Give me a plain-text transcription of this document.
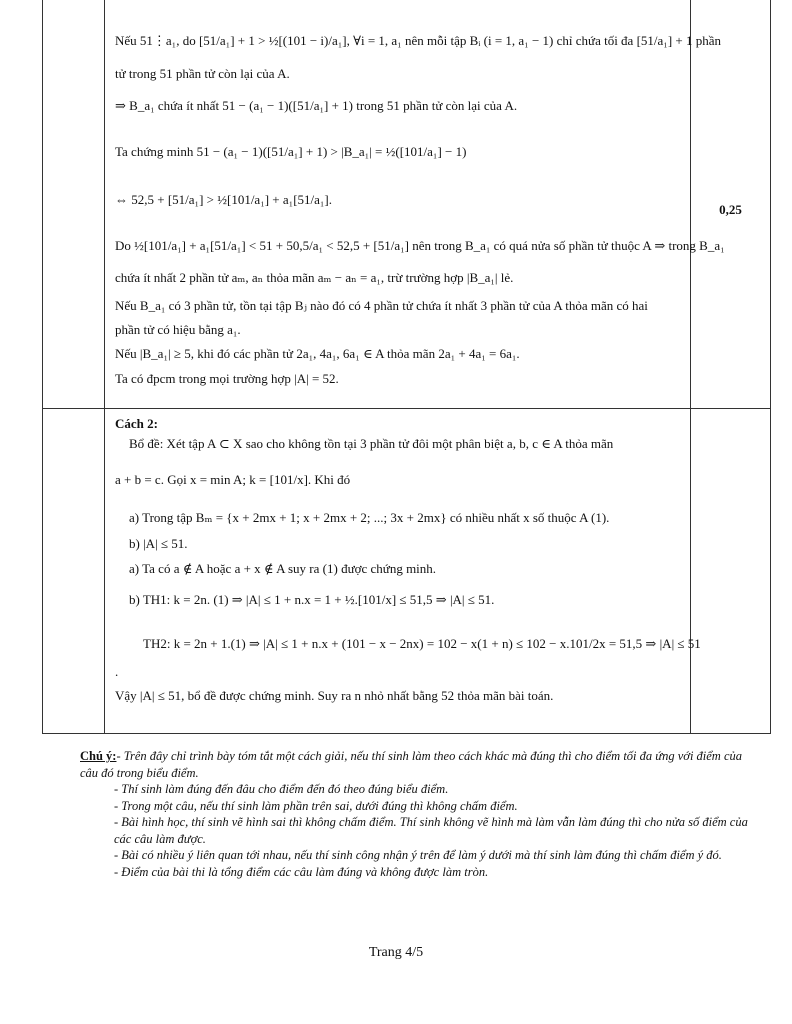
Nếu 51⋮a₁, do [51/a₁] + 1 > ½[(101 − i)/a₁], ∀i = 1, a₁ nên mỗi tập Bᵢ (i = 1, a₁ − 1) chỉ chứa tối đa [51/a₁] + 1 phần
tử trong 51 phần tử còn lại của A.
⇒ B_a₁ chứa ít nhất 51 − (a₁ − 1)([51/a₁] + 1) trong 51 phần tử còn lại của A.
Ta chứng minh 51 − (a₁ − 1)([51/a₁] + 1) > |B_a₁| = ½([101/a₁] − 1)
⇔ 52,5 + [51/a₁] > ½[101/a₁] + a₁[51/a₁].
Do ½[101/a₁] + a₁[51/a₁] < 51 + 50,5/a₁ < 52,5 + [51/a₁] nên trong B_a₁ có quá nửa số phần tử thuộc A ⇒ trong B_a₁
chứa ít nhất 2 phần tử aₘ, aₙ thỏa mãn aₘ − aₙ = a₁, trừ trường hợp |B_a₁| lẻ.
Nếu B_a₁ có 3 phần tử, tồn tại tập Bⱼ nào đó có 4 phần tử chứa ít nhất 3 phần tử của A thỏa mãn có hai
phần tử có hiệu bằng a₁.
Nếu |B_a₁| ≥ 5, khi đó các phần tử 2a₁, 4a₁, 6a₁ ∈ A thỏa mãn 2a₁ + 4a₁ = 6a₁.
Ta có đpcm trong mọi trường hợp |A| = 52.
0,25
Cách 2:
Bổ đề: Xét tập A ⊂ X sao cho không tồn tại 3 phần tử đôi một phân biệt a, b, c ∈ A thỏa mãn
a + b = c. Gọi x = min A; k = [101/x]. Khi đó
a) Trong tập Bₘ = {x + 2mx + 1; x + 2mx + 2; ...; 3x + 2mx} có nhiều nhất x số thuộc A (1).
b) |A| ≤ 51.
a) Ta có a ∉ A hoặc a + x ∉ A suy ra (1) được chứng minh.
b) TH1: k = 2n. (1) ⇒ |A| ≤ 1 + n.x = 1 + ½.[101/x] ≤ 51,5 ⇒ |A| ≤ 51.
TH2: k = 2n + 1.(1) ⇒ |A| ≤ 1 + n.x + (101 − x − 2nx) = 102 − x(1 + n) ≤ 102 − x.101/2x = 51,5 ⇒ |A| ≤ 51
.
Vậy |A| ≤ 51, bổ đề được chứng minh. Suy ra n nhỏ nhất bằng 52 thỏa mãn bài toán.

Chú ý:- Trên đây chỉ trình bày tóm tắt một cách giải, nếu thí sinh làm theo cách khác mà đúng thì cho điểm tối đa ứng với điểm của câu đó trong biểu điểm.

- Thí sinh làm đúng đến đâu cho điểm đến đó theo đúng biểu điểm.

- Trong một câu, nếu thí sinh làm phần trên sai, dưới đúng thì không chấm điểm.

- Bài hình học, thí sinh vẽ hình sai thì không chấm điểm. Thí sinh không vẽ hình mà làm vẫn làm đúng thì cho nửa số điểm của các câu làm được.

- Bài có nhiều ý liên quan tới nhau, nếu thí sinh công nhận ý trên để làm ý dưới mà thí sinh làm đúng thì chấm điểm ý đó.

- Điểm của bài thi là tổng điểm các câu làm đúng và không được làm tròn.

Trang 4/5
